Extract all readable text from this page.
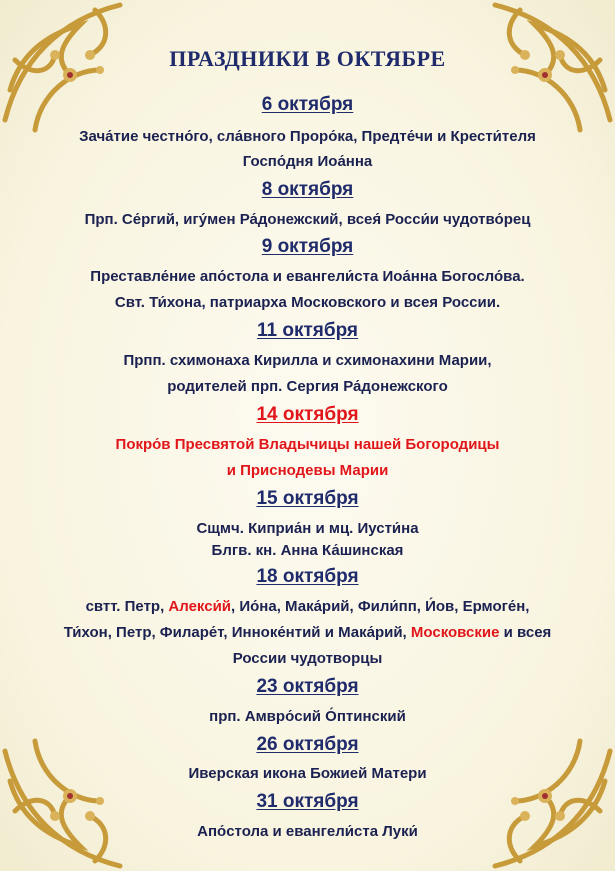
ПРАЗДНИКИ В ОКТЯБРЕ
6 октября
Зача́тие честно́го, сла́вного Проро́ка, Предте́чи и Крести́теля
Госпо́дня Иоа́нна
8 октября
Прп. Се́ргий, игу́мен Ра́донежский, всея́ Росси́и чудотво́рец
9 октября
Преставле́ние апо́стола и евангели́ста Иоа́нна Богосло́ва.
Свт. Ти́хона, патриарха Московского и всея России.
11 октября
Прпп. схимонаха Кирилла и схимонахини Марии,
родителей прп. Сергия Ра́донежского
14 октября
Покро́в Пресвятой Владычицы нашей Богородицы
и Приснодевы Марии
15 октября
Сщмч. Киприа́н и мц. Иусти́на
Блгв. кн. Анна Ка́шинская
18 октября
свтт. Петр, Алекси́й, Ио́на, Мака́рий, Фили́пп, И́ов, Ермоге́н,
Ти́хон, Петр, Филаре́т, Инноке́нтий и Мака́рий, Московские и всея
России чудотворцы
23 октября
прп. Амвро́сий О́птинский
26 октября
Иверская икона Божией Матери
31 октября
Апо́стола и евангели́ста Луки́
